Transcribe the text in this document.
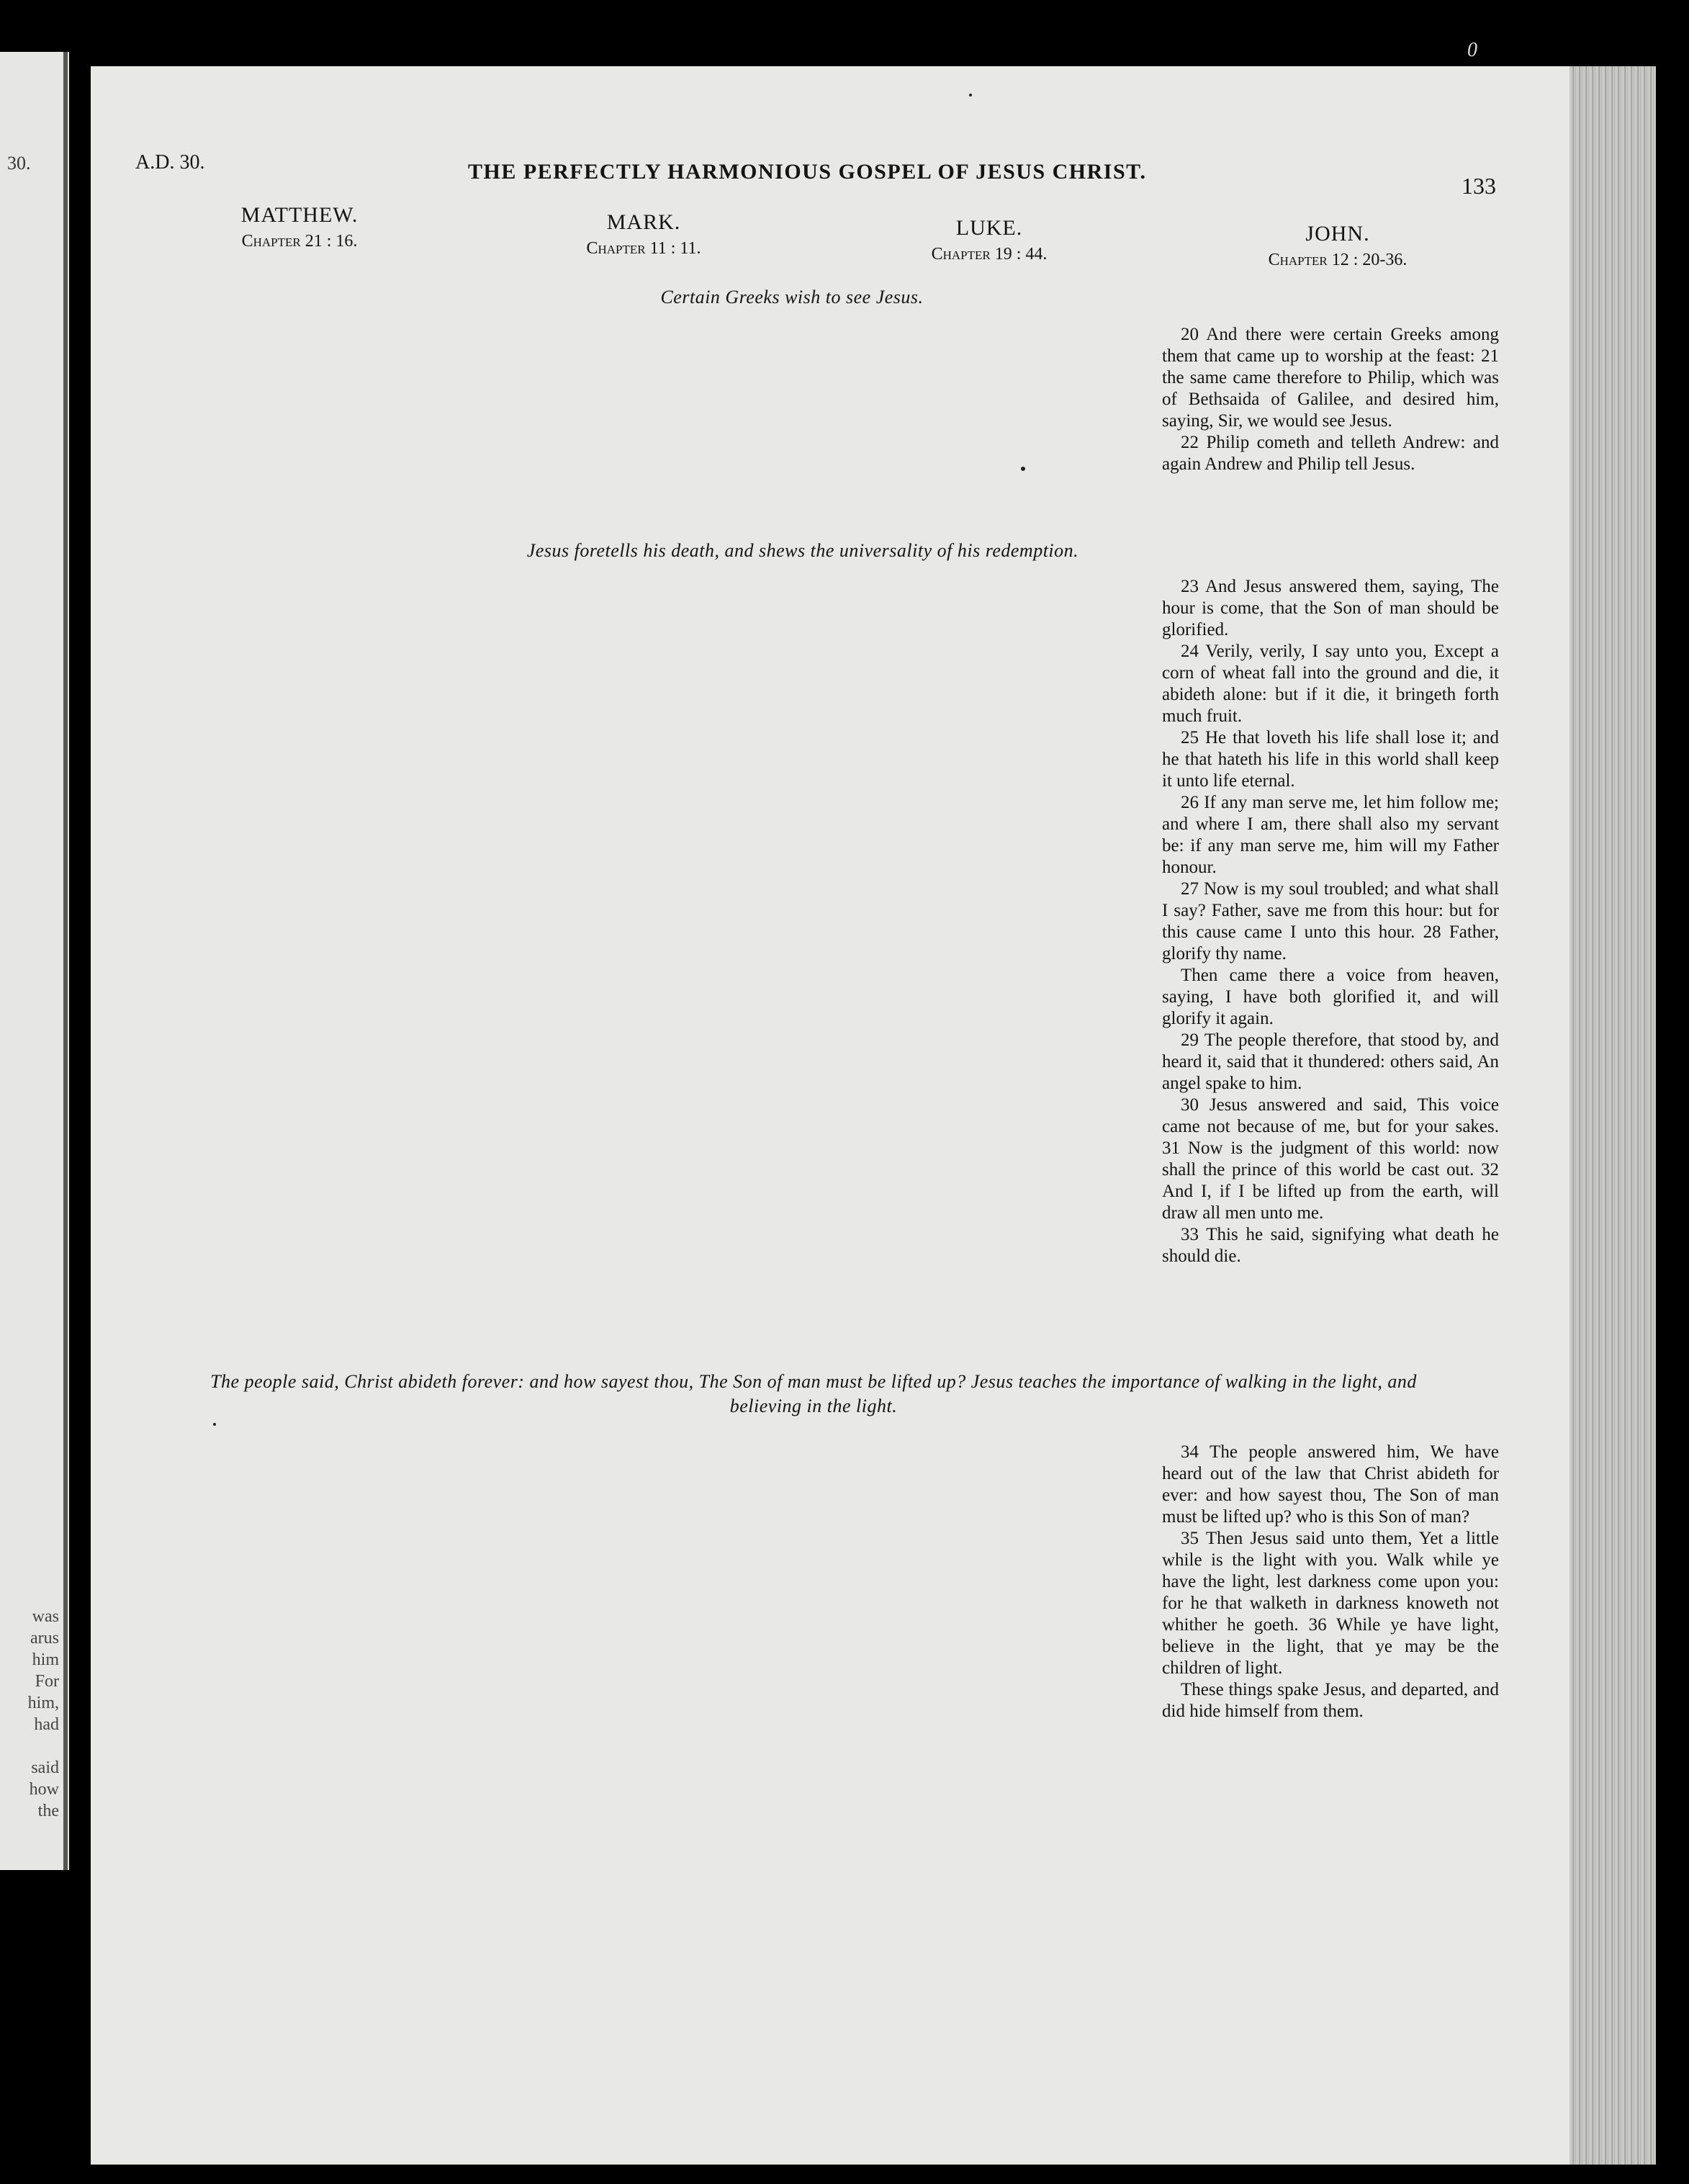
30.
was
arus
him
For
him,
had

said
how
the
0
A.D. 30.	THE PERFECTLY HARMONIOUS GOSPEL OF JESUS CHRIST.
133
MATTHEW.
Chapter 21 : 16.
MARK.
Chapter 11 : 11.
LUKE.
Chapter 19 : 44.
JOHN.
Chapter 12 : 20-36.
Certain Greeks wish to see Jesus.
Jesus foretells his death, and shews the universality of his redemption.
The people said, Christ abideth forever: and how sayest thou, The Son of man must be lifted up? Jesus teaches the importance of walking in the light, and believing in the light.

20 And there were certain Greeks among them that came up to worship at the feast: 21 the same came therefore to Philip, which was of Bethsaida of Galilee, and desired him, saying, Sir, we would see Jesus.

22 Philip cometh and telleth Andrew: and again Andrew and Philip tell Jesus.

23 And Jesus answered them, saying, The hour is come, that the Son of man should be glorified.

24 Verily, verily, I say unto you, Except a corn of wheat fall into the ground and die, it abideth alone: but if it die, it bringeth forth much fruit.

25 He that loveth his life shall lose it; and he that hateth his life in this world shall keep it unto life eternal.

26 If any man serve me, let him follow me; and where I am, there shall also my servant be: if any man serve me, him will my Father honour.

27 Now is my soul troubled; and what shall I say? Father, save me from this hour: but for this cause came I unto this hour. 28 Father, glorify thy name.

Then came there a voice from heaven, saying, I have both glorified it, and will glorify it again.

29 The people therefore, that stood by, and heard it, said that it thundered: others said, An angel spake to him.

30 Jesus answered and said, This voice came not because of me, but for your sakes. 31 Now is the judgment of this world: now shall the prince of this world be cast out. 32 And I, if I be lifted up from the earth, will draw all men unto me.

33 This he said, signifying what death he should die.

34 The people answered him, We have heard out of the law that Christ abideth for ever: and how sayest thou, The Son of man must be lifted up? who is this Son of man?

35 Then Jesus said unto them, Yet a little while is the light with you. Walk while ye have the light, lest darkness come upon you: for he that walketh in darkness knoweth not whither he goeth. 36 While ye have light, believe in the light, that ye may be the children of light.

These things spake Jesus, and departed, and did hide himself from them.
